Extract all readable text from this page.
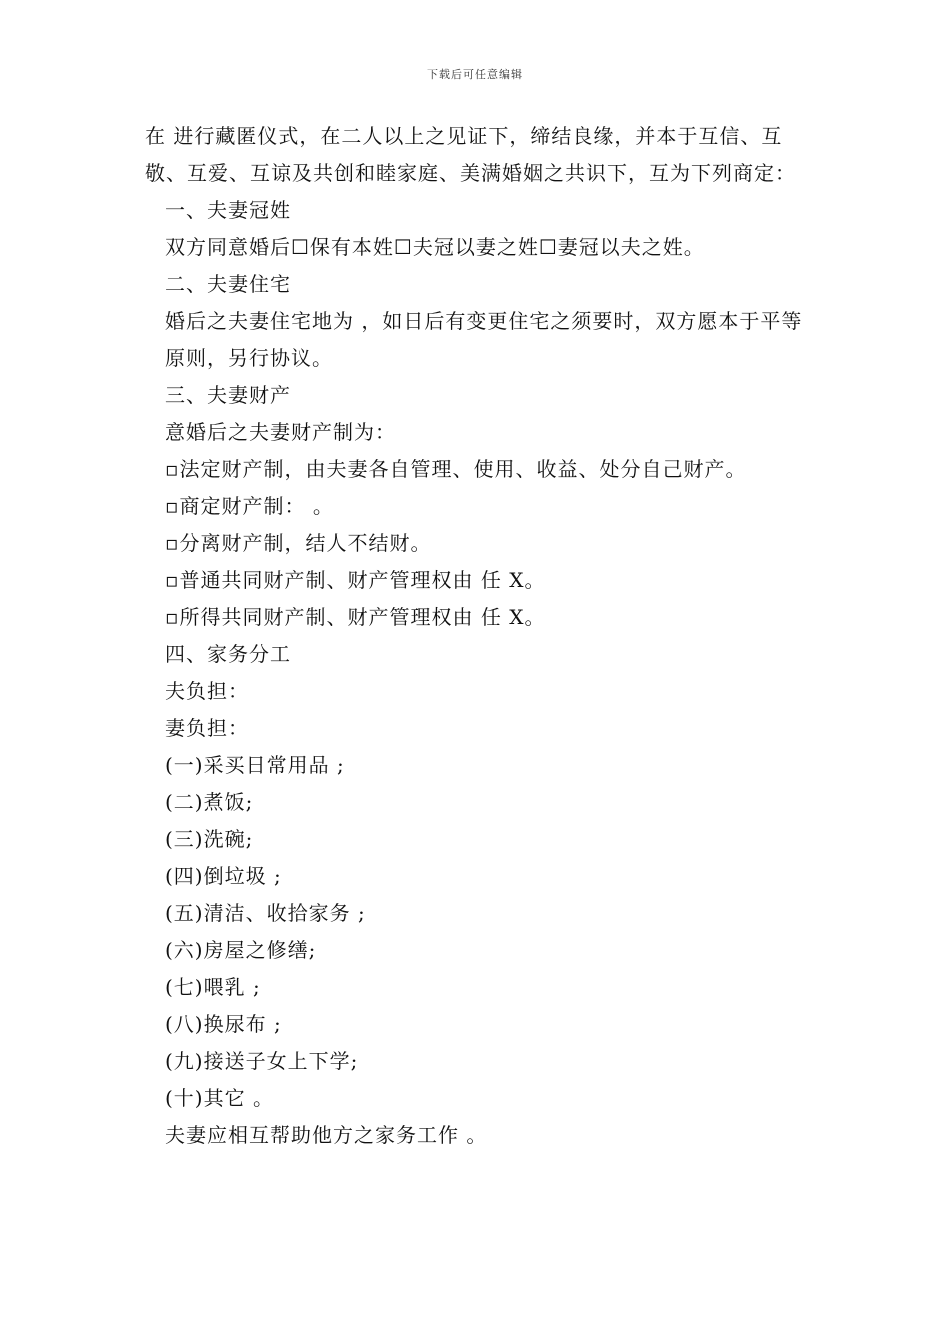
下载后可任意编辑

在 进行藏匿仪式，在二人以上之见证下，缔结良缘，并本于互信、互敬、互爱、互谅及共创和睦家庭、美满婚姻之共识下，互为下列商定：

一、夫妻冠姓

双方同意婚后☐保有本姓☐夫冠以妻之姓☐妻冠以夫之姓。

二、夫妻住宅

婚后之夫妻住宅地为 ，如日后有变更住宅之须要时，双方愿本于平等原则，另行协议。

三、夫妻财产

意婚后之夫妻财产制为：

▫法定财产制，由夫妻各自管理、使用、收益、处分自己财产。

▫商定财产制： 。

▫分离财产制，结人不结财。

▫普通共同财产制、财产管理权由 任 X。

▫所得共同财产制、财产管理权由 任 X。

四、家务分工

夫负担：

妻负担：

(一)采买日常用品 ;

(二)煮饭;

(三)洗碗;

(四)倒垃圾 ;

(五)清洁、收拾家务 ;

(六)房屋之修缮;

(七)喂乳 ;

(八)换尿布 ;

(九)接送子女上下学;

(十)其它 。

夫妻应相互帮助他方之家务工作 。
